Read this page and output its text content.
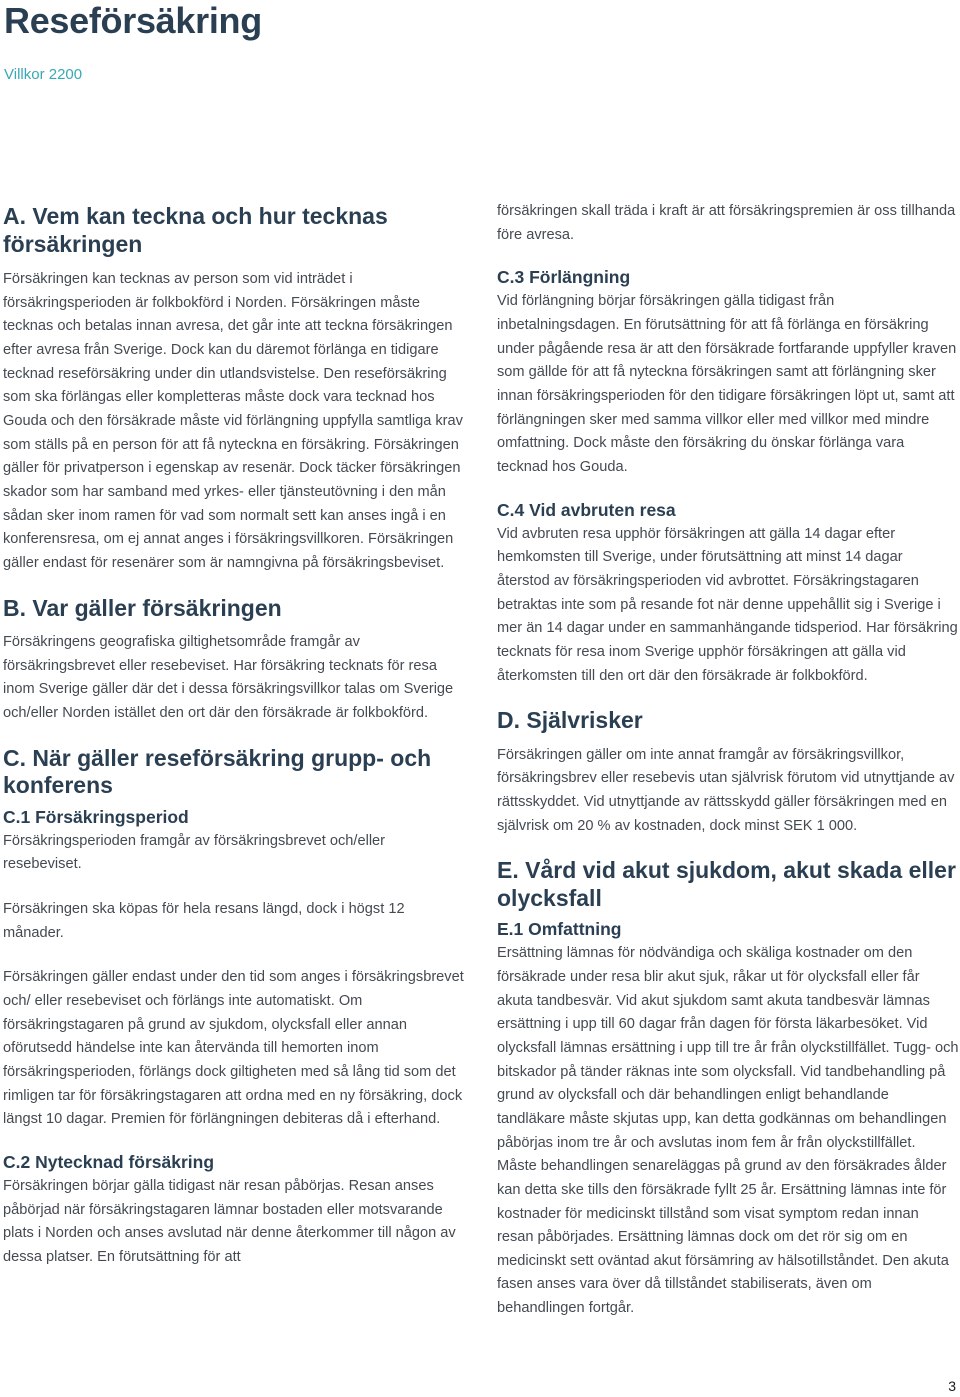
Reseförsäkring
Villkor 2200
A. Vem kan teckna och hur tecknas försäkringen

Försäkringen kan tecknas av person som vid inträdet i försäkringsperioden är folkbokförd i Norden. Försäkringen måste tecknas och betalas innan avresa, det går inte att teckna försäkringen efter avresa från Sverige. Dock kan du däremot förlänga en tidigare tecknad reseförsäkring under din utlandsvistelse. Den reseförsäkring som ska förlängas eller kompletteras måste dock vara tecknad hos Gouda och den försäkrade måste vid förlängning uppfylla samtliga krav som ställs på en person för att få nyteckna en försäkring. Försäkringen gäller för privatperson i egenskap av resenär. Dock täcker försäkringen skador som har samband med yrkes- eller tjänsteutövning i den mån sådan sker inom ramen för vad som normalt sett kan anses ingå i en konferensresa, om ej annat anges i försäkringsvillkoren. Försäkringen gäller endast för resenärer som är namngivna på försäkringsbeviset.

B. Var gäller försäkringen

Försäkringens geografiska giltighetsområde framgår av försäkringsbrevet eller resebeviset. Har försäkring tecknats för resa inom Sverige gäller där det i dessa försäkringsvillkor talas om Sverige och/eller Norden istället den ort där den försäkrade är folkbokförd.

C. När gäller reseförsäkring grupp- och konferens
C.1 Försäkringsperiod

Försäkringsperioden framgår av försäkringsbrevet och/eller resebeviset.

Försäkringen ska köpas för hela resans längd, dock i högst 12 månader.

Försäkringen gäller endast under den tid som anges i försäkringsbrevet och/ eller resebeviset och förlängs inte automatiskt. Om försäkringstagaren på grund av sjukdom, olycksfall eller annan oförutsedd händelse inte kan återvända till hemorten inom försäkringsperioden, förlängs dock giltigheten med så lång tid som det rimligen tar för försäkringstagaren att ordna med en ny försäkring, dock längst 10 dagar. Premien för förlängningen debiteras då i efterhand.

C.2 Nytecknad försäkring

Försäkringen börjar gälla tidigast när resan påbörjas. Resan anses påbörjad när försäkringstagaren lämnar bostaden eller motsvarande plats i Norden och anses avslutad när denne återkommer till någon av dessa platser. En förutsättning för att

försäkringen skall träda i kraft är att försäkringspremien är oss tillhanda före avresa.

C.3 Förlängning

Vid förlängning börjar försäkringen gälla tidigast från inbetalningsdagen. En förutsättning för att få förlänga en försäkring under pågående resa är att den försäkrade fortfarande uppfyller kraven som gällde för att få nyteckna försäkringen samt att förlängning sker innan försäkringsperioden för den tidigare försäkringen löpt ut, samt att förlängningen sker med samma villkor eller med villkor med mindre omfattning. Dock måste den försäkring du önskar förlänga vara tecknad hos Gouda.

C.4 Vid avbruten resa

Vid avbruten resa upphör försäkringen att gälla 14 dagar efter hemkomsten till Sverige, under förutsättning att minst 14 dagar återstod av försäkringsperioden vid avbrottet. Försäkringstagaren betraktas inte som på resande fot när denne uppehållit sig i Sverige i mer än 14 dagar under en sammanhängande tidsperiod. Har försäkring tecknats för resa inom Sverige upphör försäkringen att gälla vid återkomsten till den ort där den försäkrade är folkbokförd.

D. Självrisker

Försäkringen gäller om inte annat framgår av försäkringsvillkor, försäkringsbrev eller resebevis utan självrisk förutom vid utnyttjande av rättsskyddet. Vid utnyttjande av rättsskydd gäller försäkringen med en självrisk om 20 % av kostnaden, dock minst SEK 1 000.

E. Vård vid akut sjukdom, akut skada eller olycksfall
E.1 Omfattning

Ersättning lämnas för nödvändiga och skäliga kostnader om den försäkrade under resa blir akut sjuk, råkar ut för olycksfall eller får akuta tandbesvär. Vid akut sjukdom samt akuta tandbesvär lämnas ersättning i upp till 60 dagar från dagen för första läkarbesöket. Vid olycksfall lämnas ersättning i upp till tre år från olyckstillfället. Tugg- och bitskador på tänder räknas inte som olycksfall. Vid tandbehandling på grund av olycksfall och där behandlingen enligt behandlande tandläkare måste skjutas upp, kan detta godkännas om behandlingen påbörjas inom tre år och avslutas inom fem år från olyckstillfället. Måste behandlingen senareläggas på grund av den försäkrades ålder kan detta ske tills den försäkrade fyllt 25 år. Ersättning lämnas inte för kostnader för medicinskt tillstånd som visat symptom redan innan resan påbörjades. Ersättning lämnas dock om det rör sig om en medicinskt sett oväntad akut försämring av hälsotillståndet. Den akuta fasen anses vara över då tillståndet stabiliserats, även om behandlingen fortgår.

3
